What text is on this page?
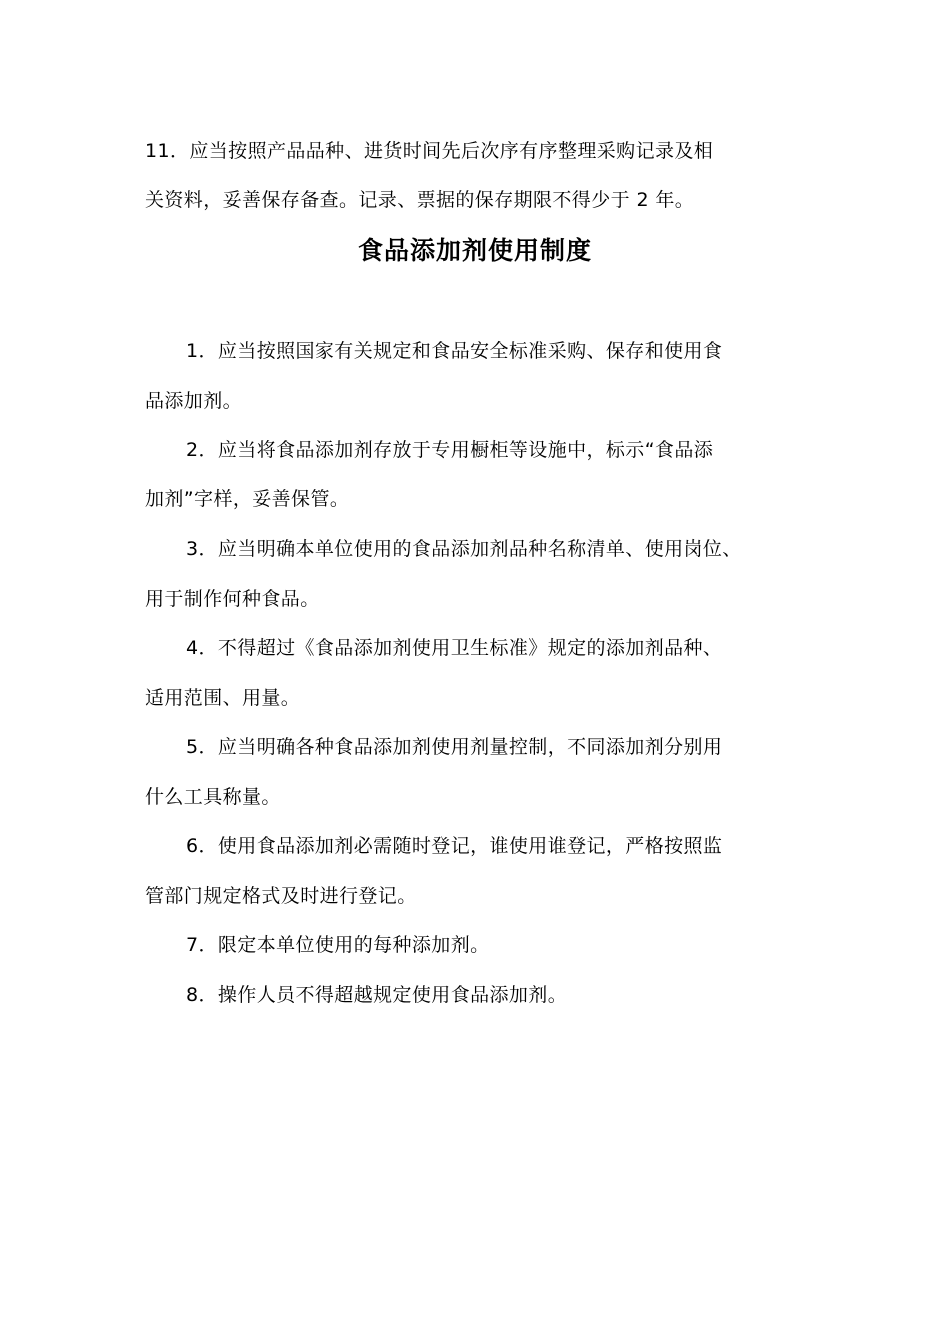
11．应当按照产品品种、进货时间先后次序有序整理采购记录及相
关资料，妥善保存备查。记录、票据的保存期限不得少于 2 年。
食品添加剂使用制度
1．应当按照国家有关规定和食品安全标准采购、保存和使用食
品添加剂。
2．应当将食品添加剂存放于专用橱柜等设施中，标示“食品添
加剂”字样，妥善保管。
3．应当明确本单位使用的食品添加剂品种名称清单、使用岗位、
用于制作何种食品。
4．不得超过《食品添加剂使用卫生标准》规定的添加剂品种、
适用范围、用量。
5．应当明确各种食品添加剂使用剂量控制，不同添加剂分别用
什么工具称量。
6．使用食品添加剂必需随时登记，谁使用谁登记，严格按照监
管部门规定格式及时进行登记。
7．限定本单位使用的每种添加剂。
8．操作人员不得超越规定使用食品添加剂。
